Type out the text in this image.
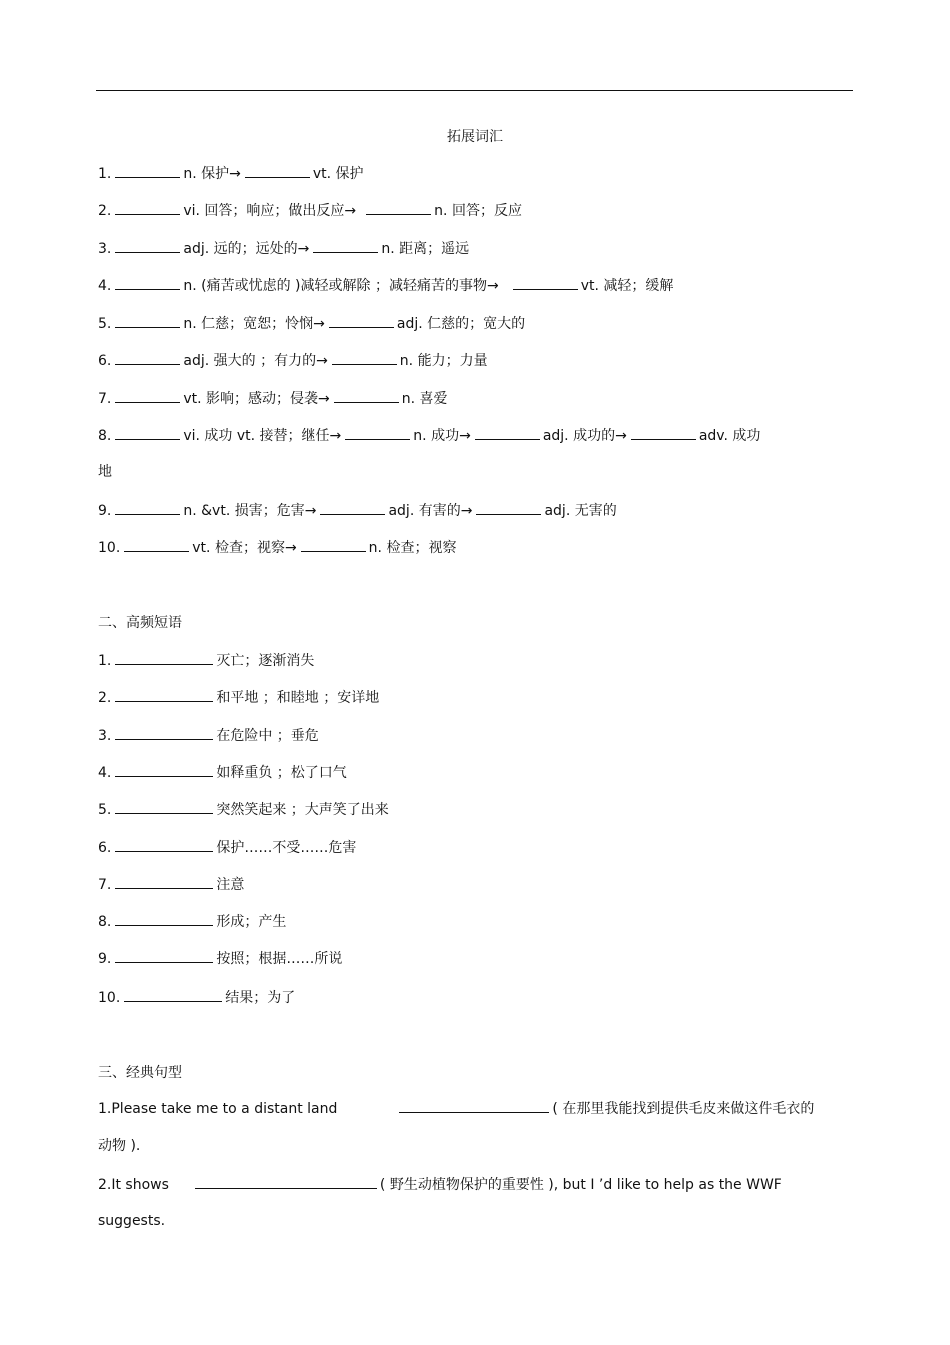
拓展词汇
1.	n. 保护→	vt. 保护
2.	vi. 回答；响应；做出反应→	n. 回答；反应
3.	adj. 远的；远处的→	n. 距离；遥远
4.	n. (痛苦或忧虑的 )减轻或解除 ；减轻痛苦的事物→	vt. 减轻；缓解
5.	n. 仁慈；宽恕；怜悯→	adj. 仁慈的；宽大的
6.	adj. 强大的 ；有力的→	n. 能力；力量
7.	vt. 影响；感动；侵袭→	n. 喜爱
8.	vi. 成功 vt. 接替；继任→	n. 成功→	adj. 成功的→	adv. 成功
地
9.	n. &vt. 损害；危害→	adj. 有害的→	adj. 无害的
10.	vt. 检查；视察→	n. 检查；视察
二、高频短语
1.	灭亡；逐渐消失
2.	和平地 ；和睦地 ；安详地
3.	在危险中 ；垂危
4.	如释重负 ；松了口气
5.	突然笑起来 ；大声笑了出来
6.	保护……不受……危害
7.	注意
8.	形成；产生
9.	按照；根据……所说
10.	结果；为了
三、经典句型
1.Please take me to a distant land	( 在那里我能找到提供毛皮来做这件毛衣的
动物 ).
2.It shows	( 野生动植物保护的重要性 ), but I ’d like to help as the WWF
suggests.
